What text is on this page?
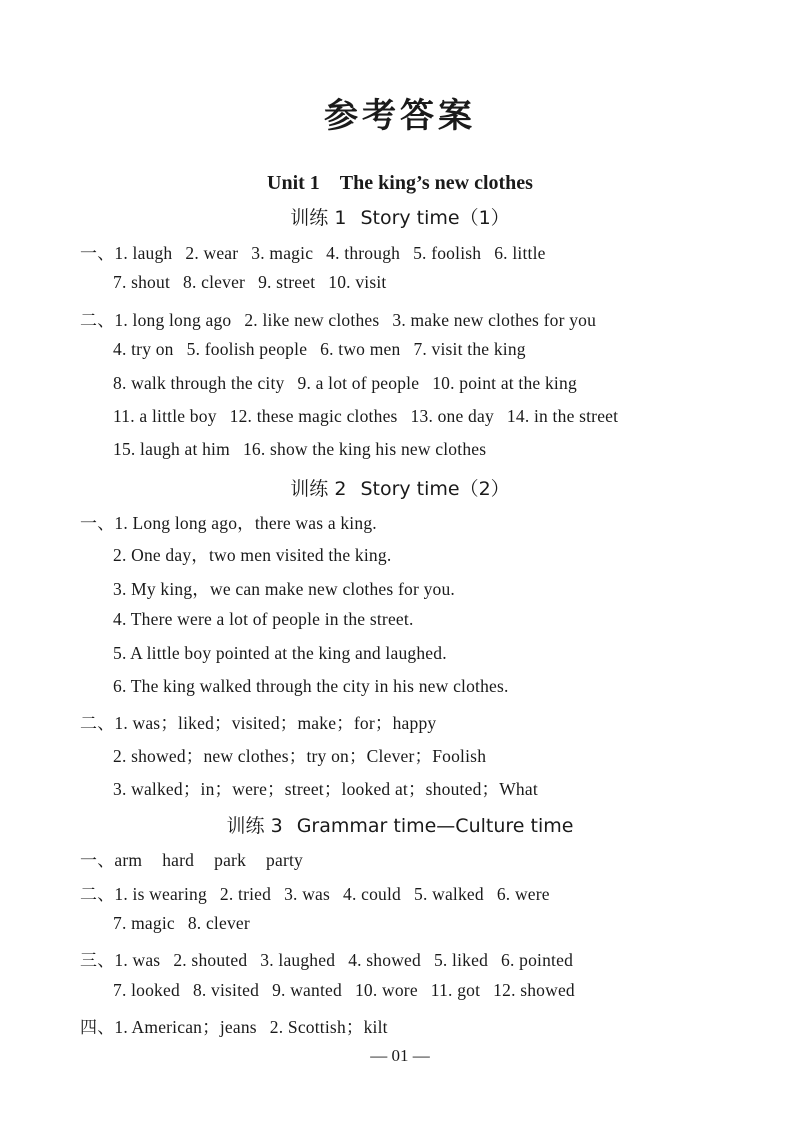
参考答案
Unit 1　The king’s new clothes
训练 1 Story time（1）
一、1. laugh 2. wear 3. magic 4. through 5. foolish 6. little
7. shout 8. clever 9. street 10. visit
二、1. long long ago 2. like new clothes 3. make new clothes for you
4. try on 5. foolish people 6. two men 7. visit the king
8. walk through the city 9. a lot of people 10. point at the king
11. a little boy 12. these magic clothes 13. one day 14. in the street
15. laugh at him 16. show the king his new clothes
训练 2 Story time（2）
一、1. Long long ago，there was a king.
2. One day，two men visited the king.
3. My king，we can make new clothes for you.
4. There were a lot of people in the street.
5. A little boy pointed at the king and laughed.
6. The king walked through the city in his new clothes.
二、1. was；liked；visited；make；for；happy
2. showed；new clothes；try on；Clever；Foolish
3. walked；in；were；street；looked at；shouted；What
训练 3 Grammar time—Culture time
一、arm hard park party
二、1. is wearing 2. tried 3. was 4. could 5. walked 6. were
7. magic 8. clever
三、1. was 2. shouted 3. laughed 4. showed 5. liked 6. pointed
7. looked 8. visited 9. wanted 10. wore 11. got 12. showed
四、1. American；jeans 2. Scottish；kilt
— 01 —
